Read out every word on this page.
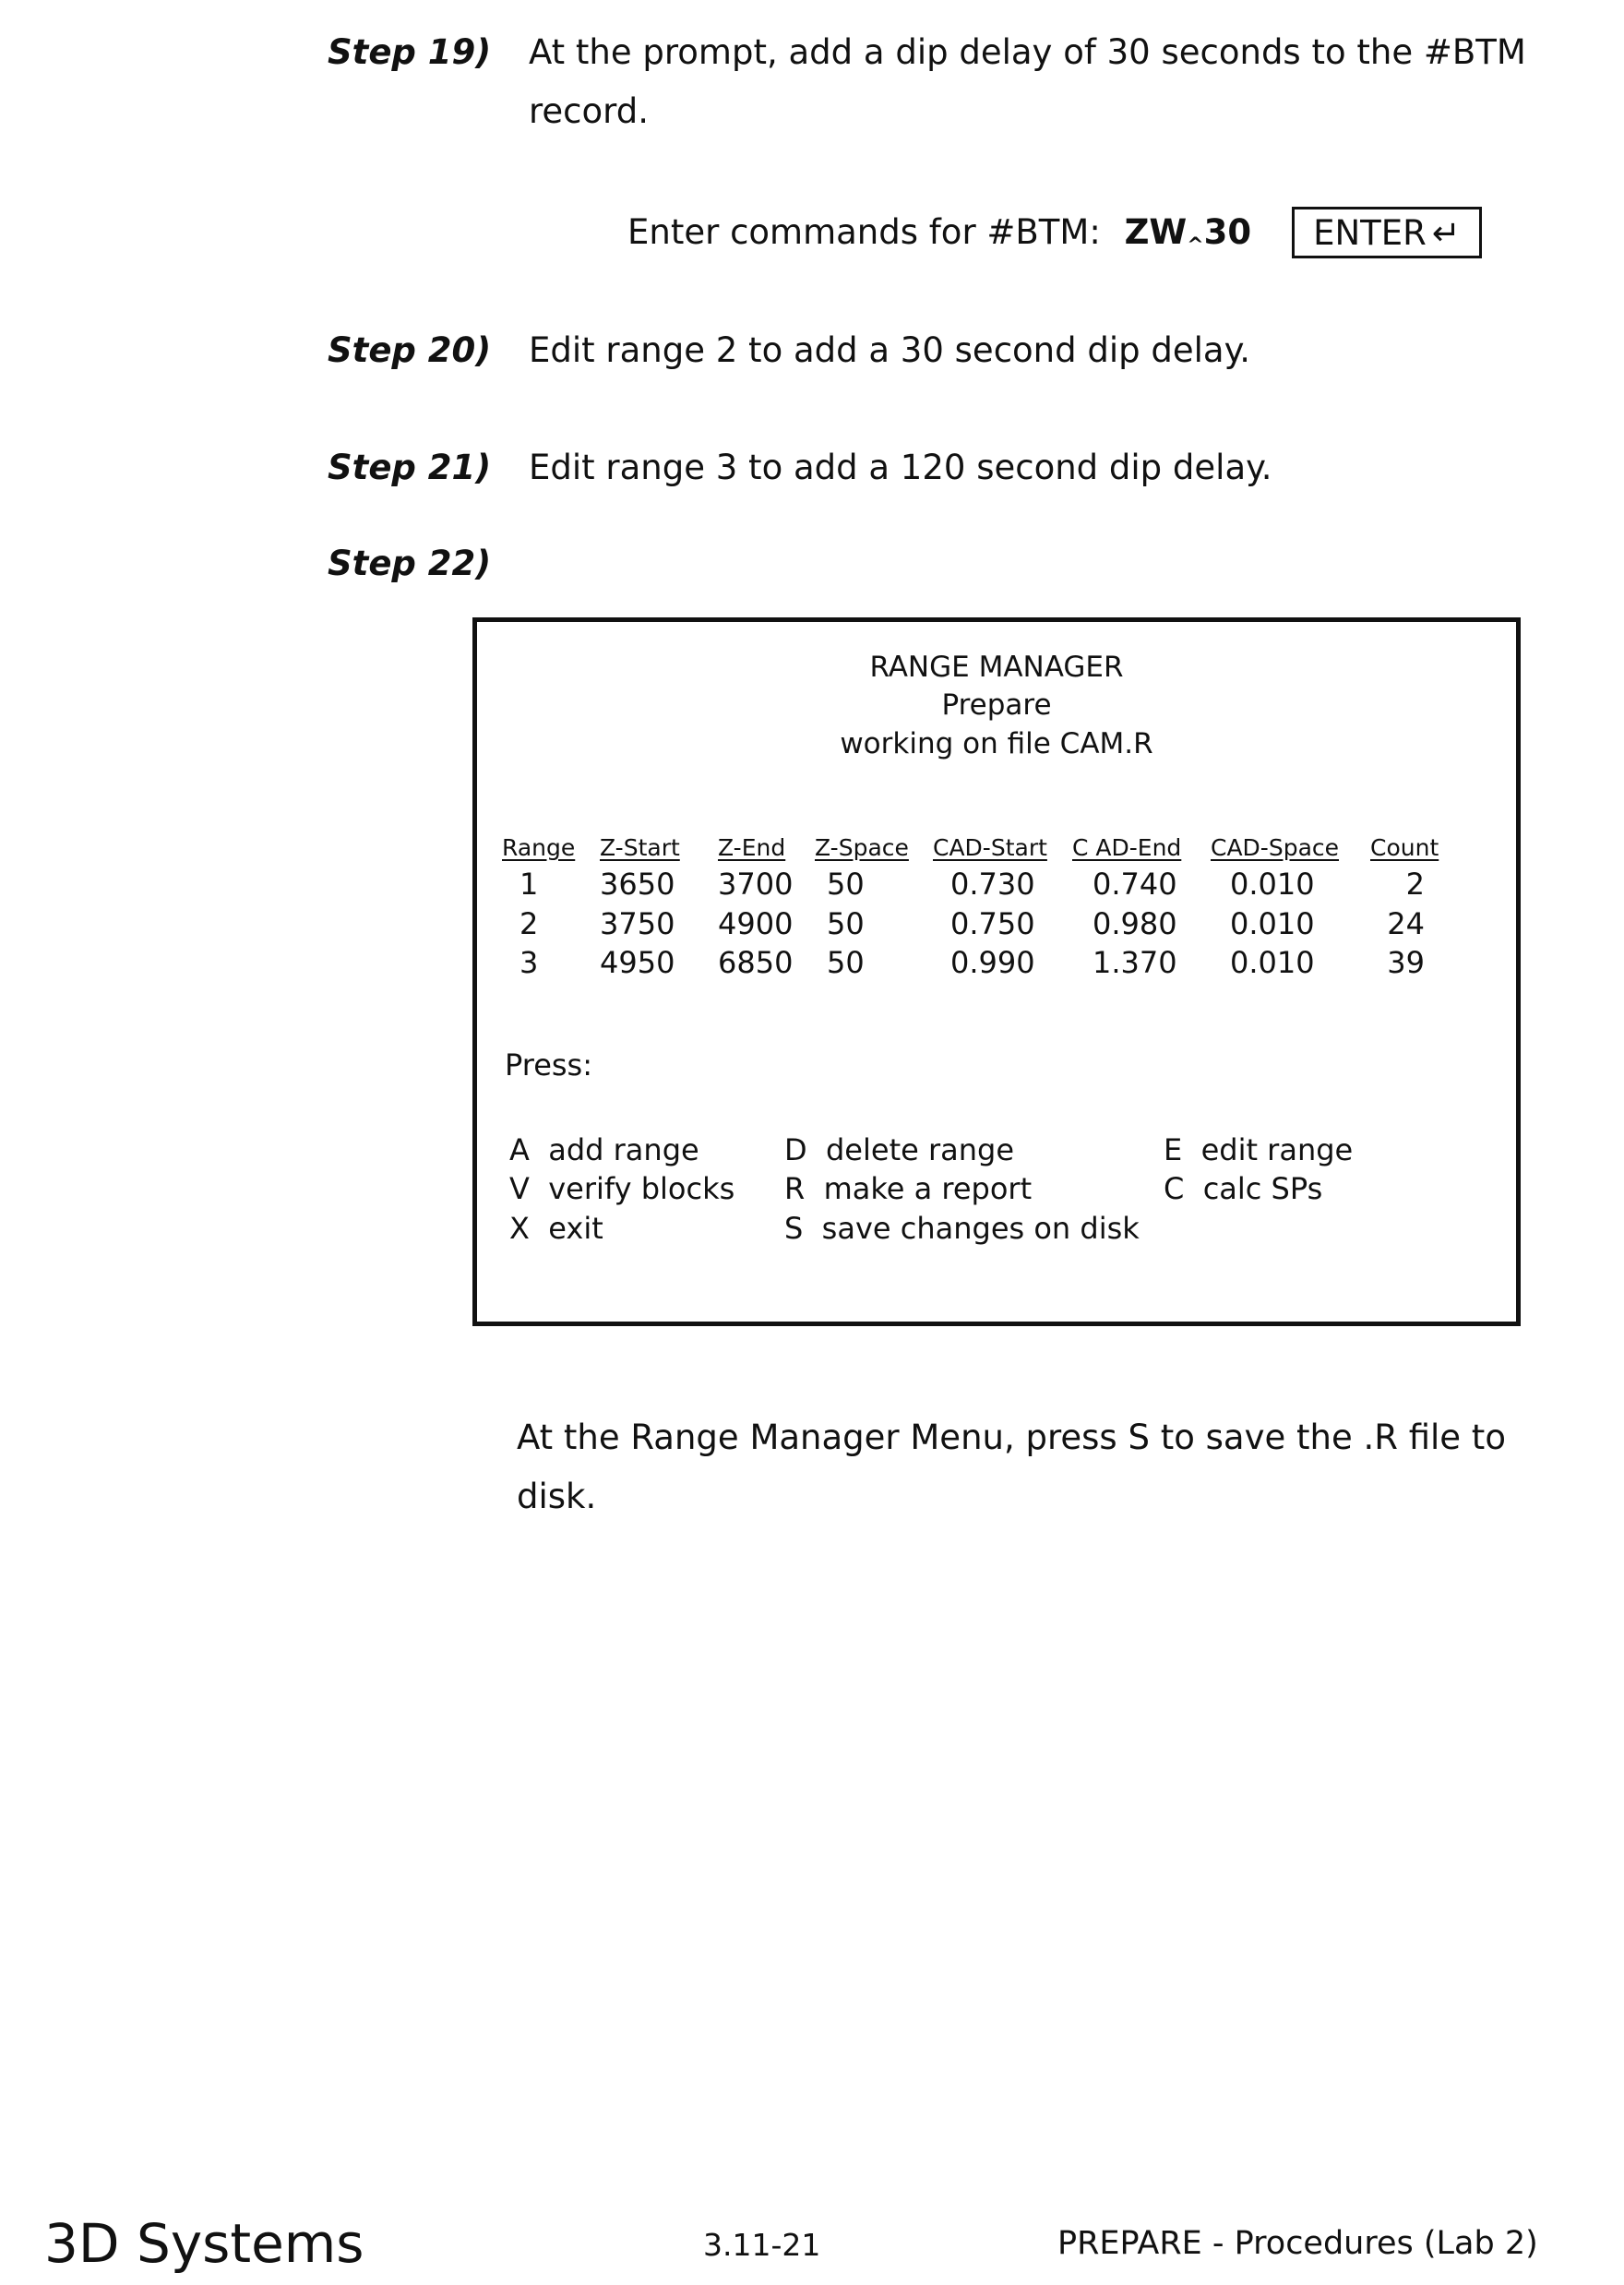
Step 19) At the prompt, add a dip delay of 30 seconds to the #BTM
record.
Enter commands for #BTM: ZW^30 ENTER ↵
Step 20) Edit range 2 to add a 30 second dip delay.
Step 21) Edit range 3 to add a 120 second dip delay.
Step 22)
RANGE MANAGER
Prepare
working on file CAM.R
Range Z-Start Z-End Z-Space CAD-Start C AD-End CAD-Space Count
1 3650 3700 50	0.730 0.740 0.010	2
2 3750 4900 50	0.750 0.980 0.010 24
3 4950 6850 50	0.990 1.370 0.010 39
Press:
A  add range	D  delete range	E  edit range
V  verify blocks R  make a report	C  calc SPs
X  exit	S  save changes on disk
At the Range Manager Menu, press S to save the .R file to
disk.
3D Systems	3.11-21	PREPARE - Procedures (Lab 2)
